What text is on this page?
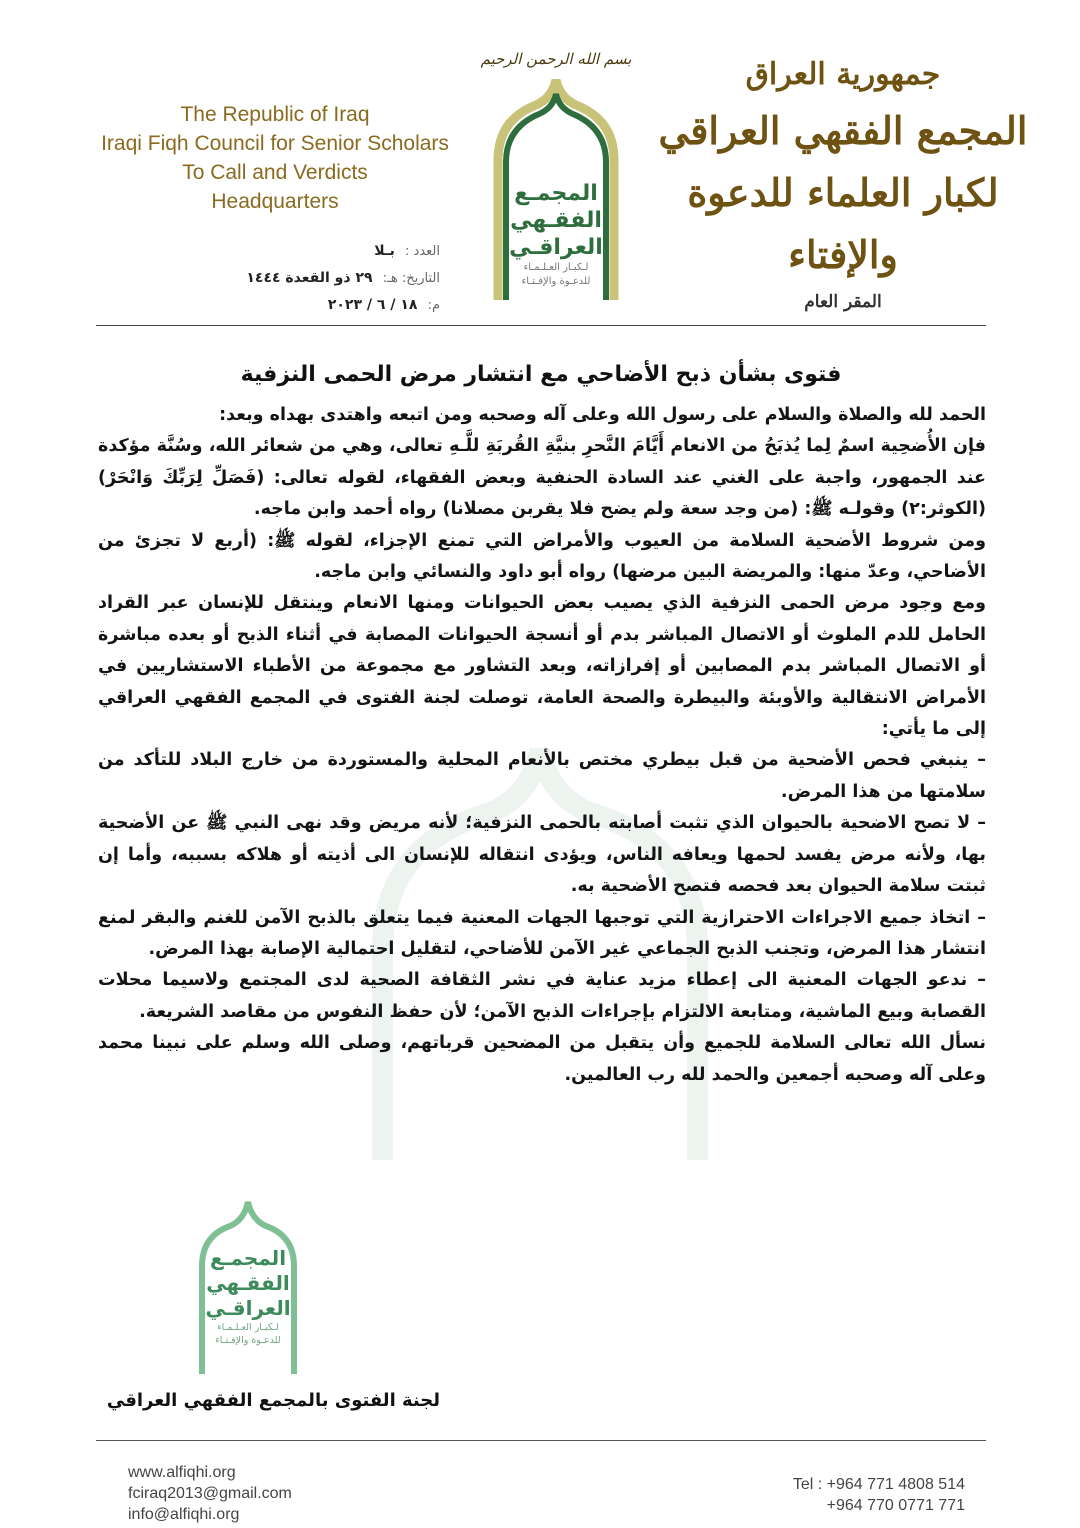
The Republic of Iraq
Iraqi Fiqh Council for Senior Scholars
To Call and Verdicts
Headquarters
بسم الله الرحمن الرحيم
المجمـع
الفقـهي
العراقـي
لـكبـار العـلـمـاء
للدعـوة والإفـتـاء
جمهورية العراق
المجمع الفقهي العراقي
لكبار العلماء للدعوة والإفتاء
المقر العام
العدد : بـلا
التاريخ: هـ: ٢٩ ذو القعدة ١٤٤٤
م: ١٨ / ٦ / ٢٠٢٣
فتوى بشأن ذبح الأضاحي مع انتشار مرض الحمى النزفية

الحمد لله والصلاة والسلام على رسول الله وعلى آله وصحبه ومن اتبعه واهتدى بهداه وبعد:

فإن الأُضحِية اسمٌ لِما يُذبَحُ من الانعام أَيَّامَ النَّحرِ بنيَّةِ القُربَةِ للَّـهِ تعالى، وهي من شعائر الله، وسُنَّة مؤكدة عند الجمهور، واجبة على الغني عند السادة الحنفية وبعض الفقهاء، لقوله تعالى: (فَصَلِّ لِرَبِّكَ وَانْحَرْ) (الكوثر:٢) وقولـه ﷺ: (من وجد سعة ولم يضح فلا يقربن مصلانا) رواه أحمد وابن ماجه.

ومن شروط الأضحية السلامة من العيوب والأمراض التي تمنع الإجزاء، لقوله ﷺ: (أربع لا تجزئ من الأضاحي، وعدّ منها: والمريضة البين مرضها) رواه أبو داود والنسائي وابن ماجه.

ومع وجود مرض الحمى النزفية الذي يصيب بعض الحيوانات ومنها الانعام وينتقل للإنسان عبر القراد الحامل للدم الملوث أو الاتصال المباشر بدم أو أنسجة الحيوانات المصابة في أثناء الذبح أو بعده مباشرة أو الاتصال المباشر بدم المصابين أو إفرازاته، وبعد التشاور مع مجموعة من الأطباء الاستشاريين في الأمراض الانتقالية والأوبئة والبيطرة والصحة العامة، توصلت لجنة الفتوى في المجمع الفقهي العراقي إلى ما يأتي:

– ينبغي فحص الأضحية من قبل بيطري مختص بالأنعام المحلية والمستوردة من خارج البلاد للتأكد من سلامتها من هذا المرض.

– لا تصح الاضحية بالحيوان الذي تثبت أصابته بالحمى النزفية؛ لأنه مريض وقد نهى النبي ﷺ عن الأضحية بها، ولأنه مرض يفسد لحمها ويعافه الناس، ويؤدى انتقاله للإنسان الى أذيته أو هلاكه بسببه، وأما إن ثبتت سلامة الحيوان بعد فحصه فتصح الأضحية به.

– اتخاذ جميع الاجراءات الاحترازية التي توجبها الجهات المعنية فيما يتعلق بالذبح الآمن للغنم والبقر لمنع انتشار هذا المرض، وتجنب الذبح الجماعي غير الآمن للأضاحي، لتقليل احتمالية الإصابة بهذا المرض.

– ندعو الجهات المعنية الى إعطاء مزيد عناية في نشر الثقافة الصحية لدى المجتمع ولاسيما محلات القصابة وبيع الماشية، ومتابعة الالتزام بإجراءات الذبح الآمن؛ لأن حفظ النفوس من مقاصد الشريعة.

نسأل الله تعالى السلامة للجميع وأن يتقبل من المضحين قرباتهم، وصلى الله وسلم على نبينا محمد وعلى آله وصحبه أجمعين والحمد لله رب العالمين.

المجمـع
الفقـهي
العراقـي
لـكبـار العـلـمـاء
للدعـوة والإفـتـاء
لجنة الفتوى بالمجمع الفقهي العراقي
www.alfiqhi.org
fciraq2013@gmail.com
info@alfiqhi.org
Tel : +964 771 4808 514
+964 770 0771 771
